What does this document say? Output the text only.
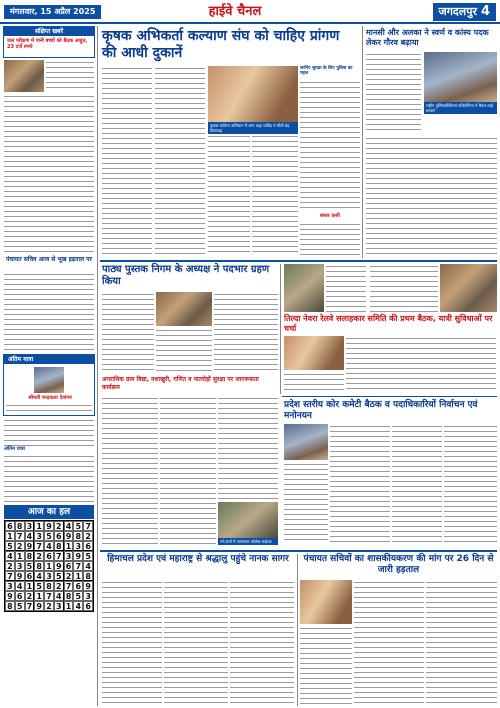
मंगलवार, 15 अप्रैल 2025	हाईवे चैनल	जगदलपुर 4
संक्षिप्त खबरें
जल परीक्षण में पानी बच्चों को बैठक आहूत, 23 दर्जे रुपये
पंचायत सचिव आज से भूख हड़ताल पर
अंतिम यात्रा
श्रीमती चन्द्रकला देवांगन
अंतिम यात्रा
आज का हल
6 8 3 1 9 2 4 5 7
1 7 4 3 5 6 9 8 2
5 2 9 7 4 8 1 3 6
4 1 8 2 6 7 3 9 5
2 3 5 8 1 9 6 7 4
7 9 6 4 3 5 2 1 8
3 4 1 5 8 2 7 6 9
9 6 2 1 7 4 8 5 3
8 5 7 9 2 3 1 4 6
कृषक अभिकर्ता कल्याण संघ को चाहिए प्रांगण की आधी दुकानें
कृषक कोरोना अभियान में लगा कहा गाविंद मं सीटी बंद कियाबढ़
जानिए सुरक्षा के लिए पुलिस का पहल
बस्तर कसी
मानसी और अलका ने स्वर्ण व कांस्य पदक लेकर गौरव बढ़ाया
राष्ट्रीय पुस्तिकरिशियम प्रतियोगिता में मैडल लाई छात्राएं
पाठ्य पुस्तक निगम के अध्यक्ष ने पदभार ग्रहण किया
तिल्दा नेवरा रेलवे सलाहकार समिति की प्रथम बैठक, यात्री सुविधाओं पर चर्चा
अपराधिक ग्राम विद्या, नशाखुरी, गणित व पातरोहों सुरक्षा पर जागरूकता कार्यक्रम
नये सत्रों में भाषागता कॉलेज लाईआ
प्रदेश स्तरीय कोर कमेटी बैठक व पदाधिकारियों निर्वाचन एवं मनोनयन
हिमाचल प्रदेश एवं महाराष्ट्र से श्रद्धालु पहुंचे नानक सागर	पंचायत सचिवों का शासकीयकरण की मांग पर 26 दिन से जारी हड़ताल
